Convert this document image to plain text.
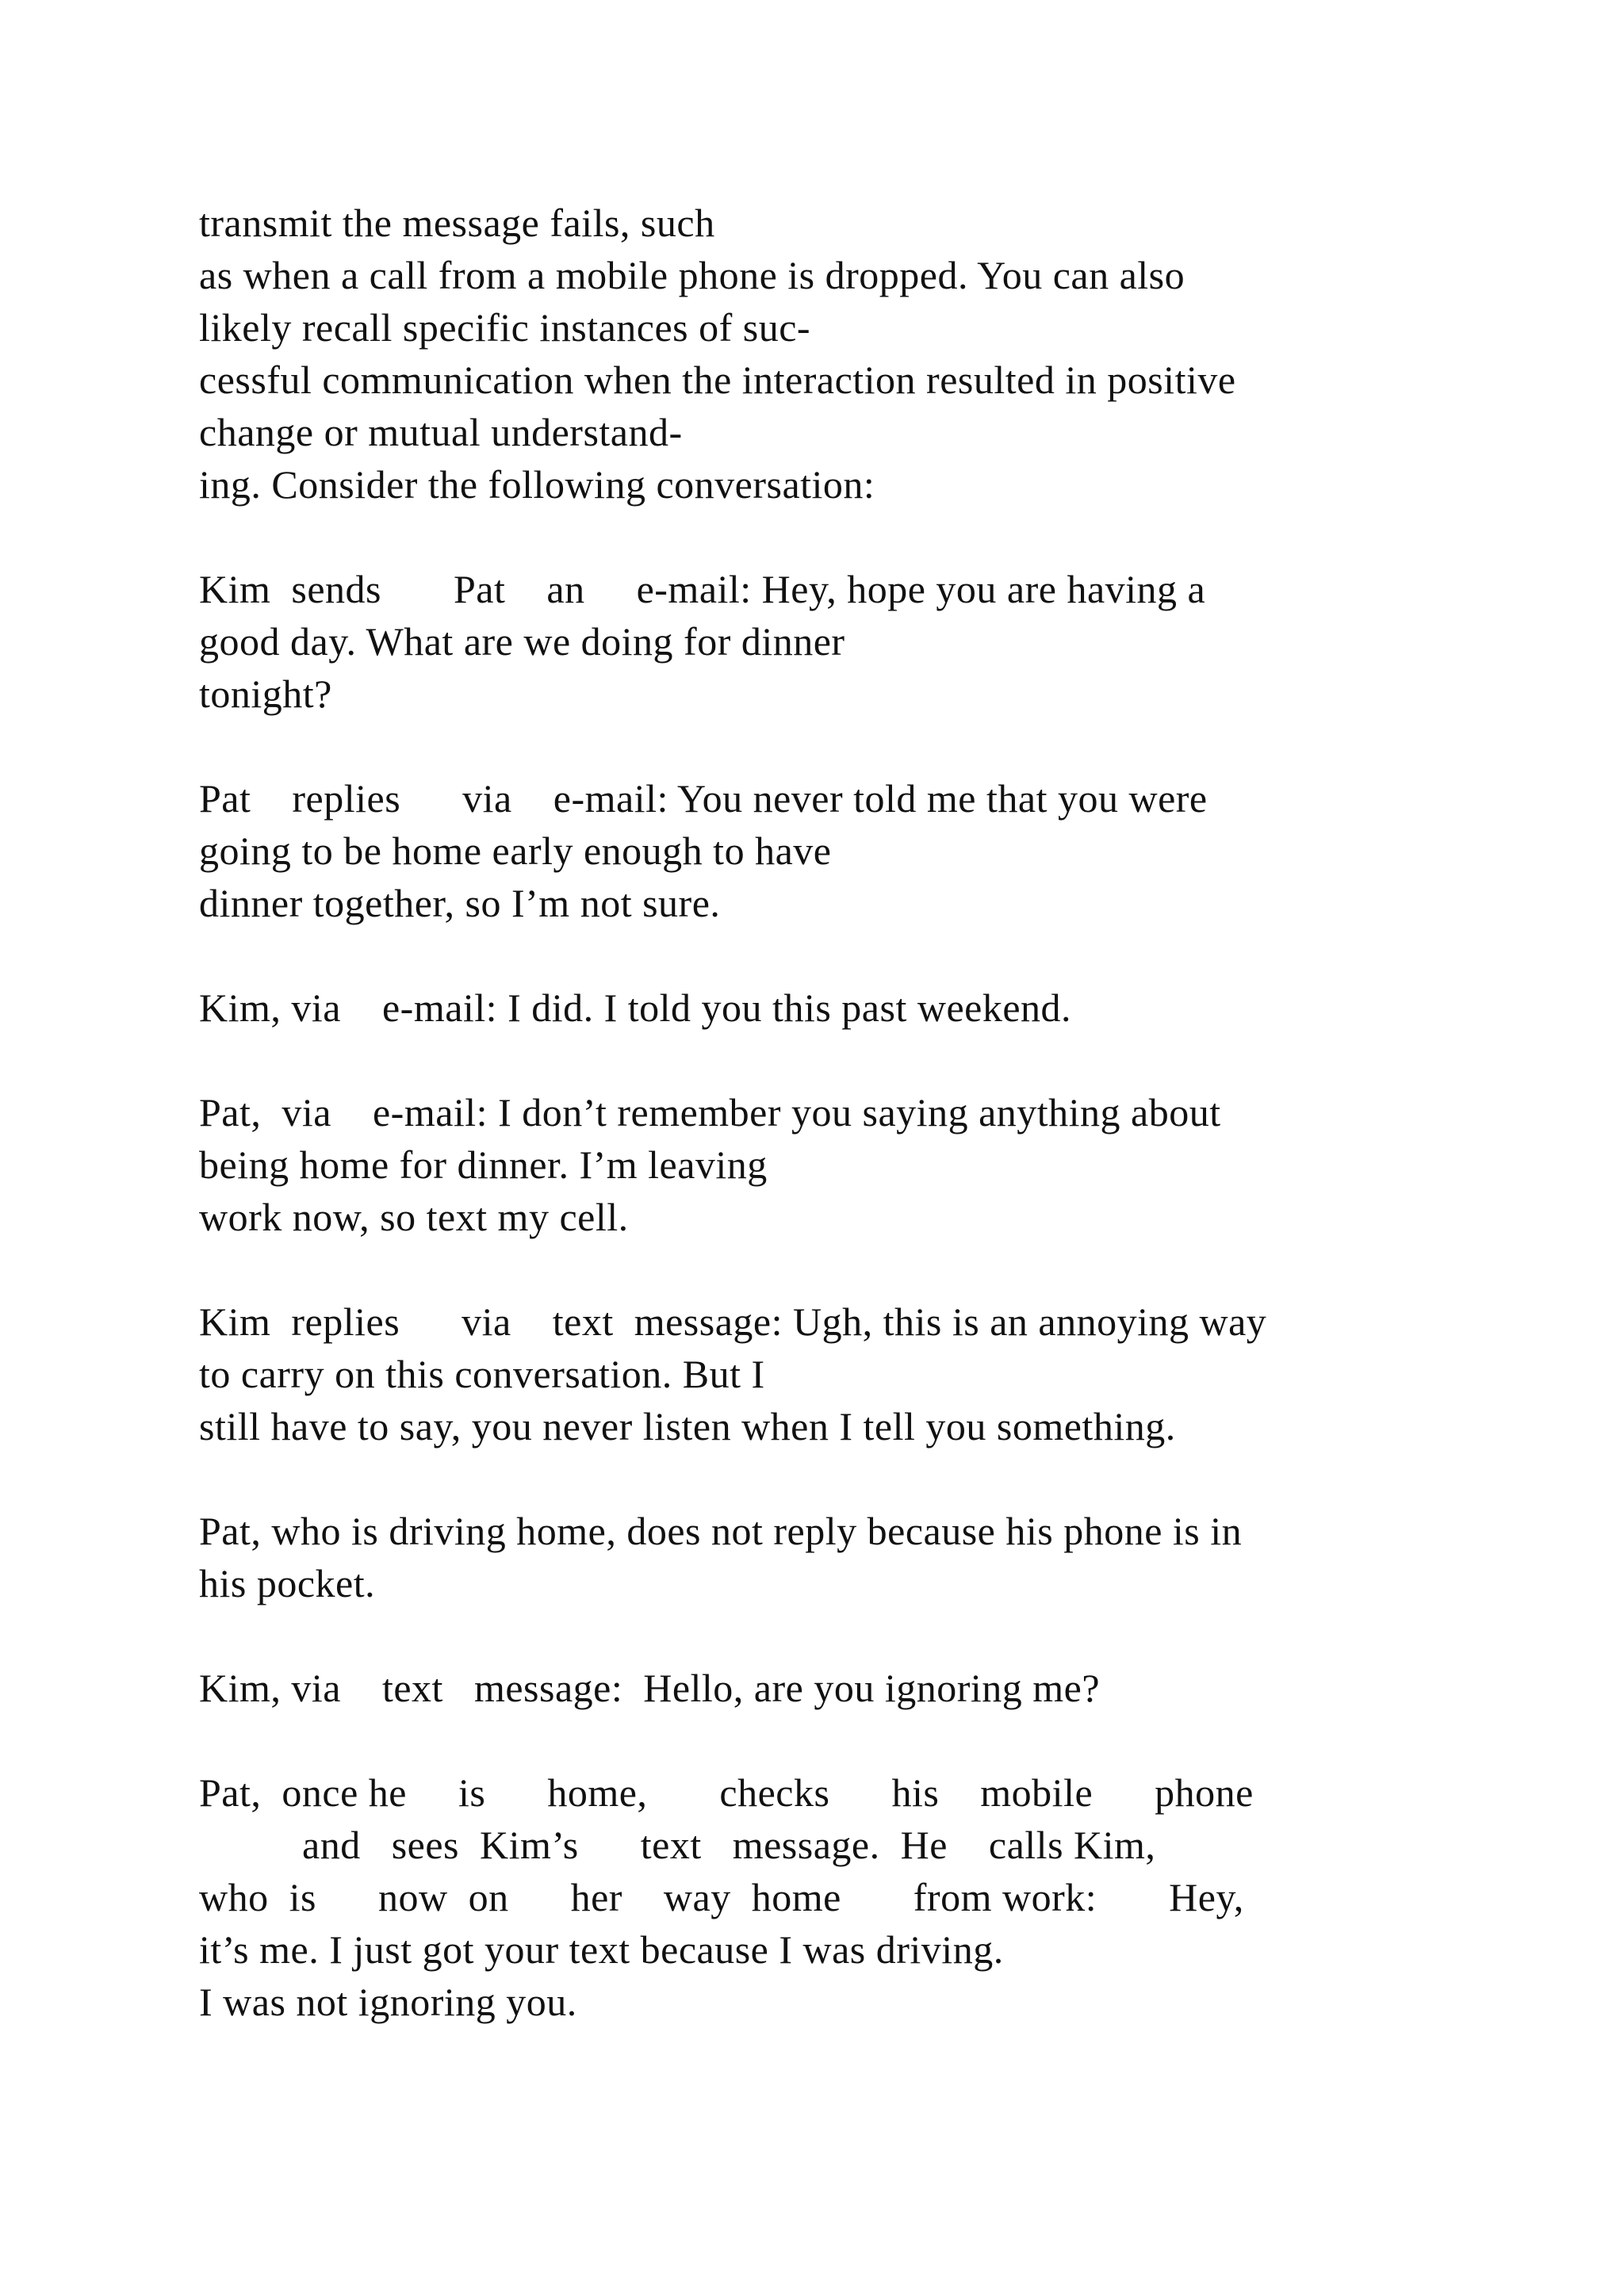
transmit the message fails, such
as when a call from a mobile phone is dropped. You can also
likely recall specific instances of suc-
cessful communication when the interaction resulted in positive
change or mutual understand-
ing. Consider the following conversation:
Kim  sends       Pat    an     e-mail: Hey, hope you are having a
good day. What are we doing for dinner
tonight?
Pat    replies      via    e-mail: You never told me that you were
going to be home early enough to have
dinner together, so I’m not sure.
Kim, via    e-mail: I did. I told you this past weekend.
Pat,  via    e-mail: I don’t remember you saying anything about
being home for dinner. I’m leaving
work now, so text my cell.
Kim  replies      via    text  message: Ugh, this is an annoying way
to carry on this conversation. But I
still have to say, you never listen when I tell you something.
Pat, who is driving home, does not reply because his phone is in
his pocket.
Kim, via    text   message:  Hello, are you ignoring me?
Pat,  once he     is      home,       checks      his    mobile      phone
and   sees  Kim’s      text   message.  He    calls Kim,
who  is      now  on      her    way  home       from work:       Hey,
it’s me. I just got your text because I was driving.
I was not ignoring you.
